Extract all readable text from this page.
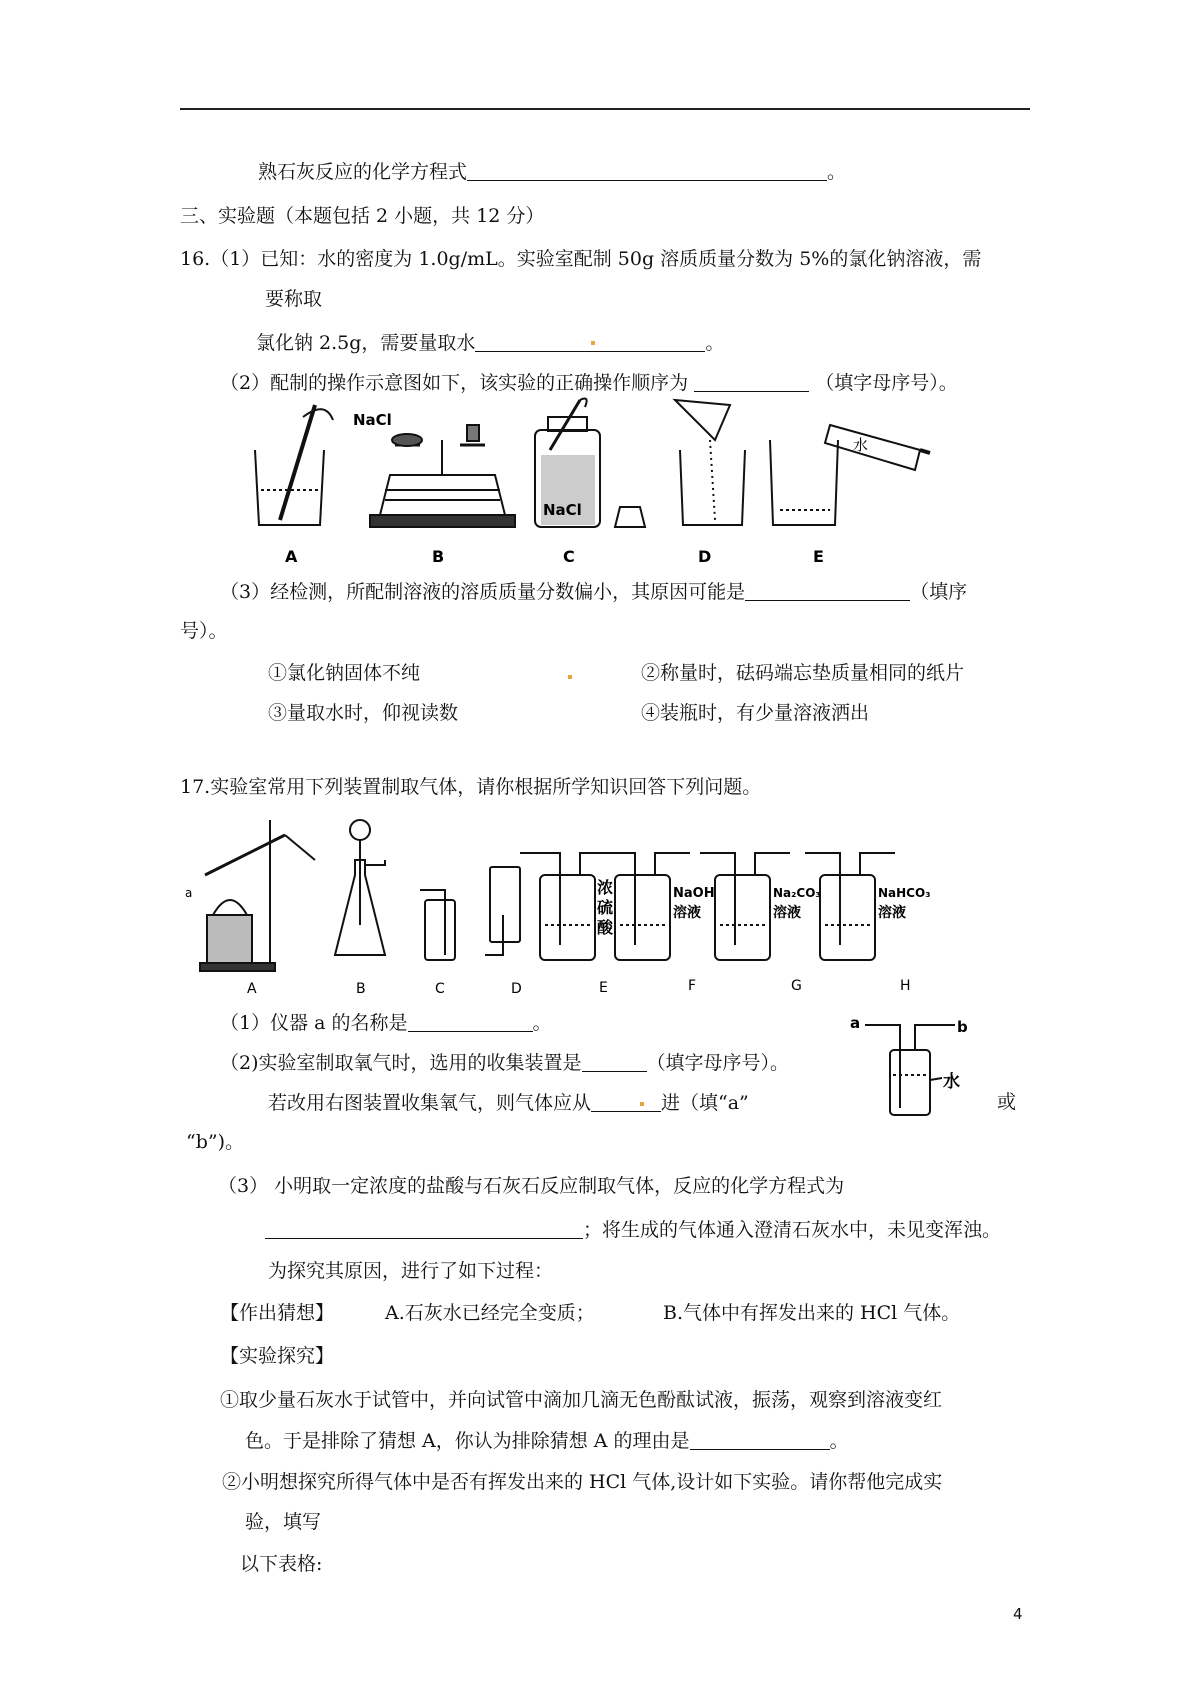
熟石灰反应的化学方程式	。
三、实验题（本题包括 2 小题，共 12 分）
16.（1）已知：水的密度为 1.0g/mL。实验室配制 50g 溶质质量分数为 5%的氯化钠溶液，需
要称取
氯化钠 2.5g，需要量取水	。
（2）配制的操作示意图如下，该实验的正确操作顺序为	（填字母序号）。
NaCl
NaCl
水
A	B	C	D	E
（3）经检测，所配制溶液的溶质质量分数偏小，其原因可能是	（填序
号）。
①氯化钠固体不纯	②称量时，砝码端忘垫质量相同的纸片
③量取水时，仰视读数	④装瓶时，有少量溶液洒出
17.实验室常用下列装置制取气体，请你根据所学知识回答下列问题。
a	浓
硫
酸
NaOH
溶液
Na₂CO₃
溶液
NaHCO₃
溶液
A	B	C	D	E	F	G	H
（1）仪器 a 的名称是	。	a	b
水
（2)实验室制取氧气时，选用的收集装置是	（填字母序号）。
若改用右图装置收集氧气，则气体应从	进（填“a”	或
“b”)。
（3） 小明取一定浓度的盐酸与石灰石反应制取气体，反应的化学方程式为
；将生成的气体通入澄清石灰水中，未见变浑浊。
为探究其原因，进行了如下过程：
【作出猜想】	A.石灰水已经完全变质；	B.气体中有挥发出来的 HCl 气体。
【实验探究】
①取少量石灰水于试管中，并向试管中滴加几滴无色酚酞试液，振荡，观察到溶液变红
色。于是排除了猜想 A，你认为排除猜想 A 的理由是	。
②小明想探究所得气体中是否有挥发出来的 HCl 气体,设计如下实验。请你帮他完成实
验，填写
以下表格:
4
